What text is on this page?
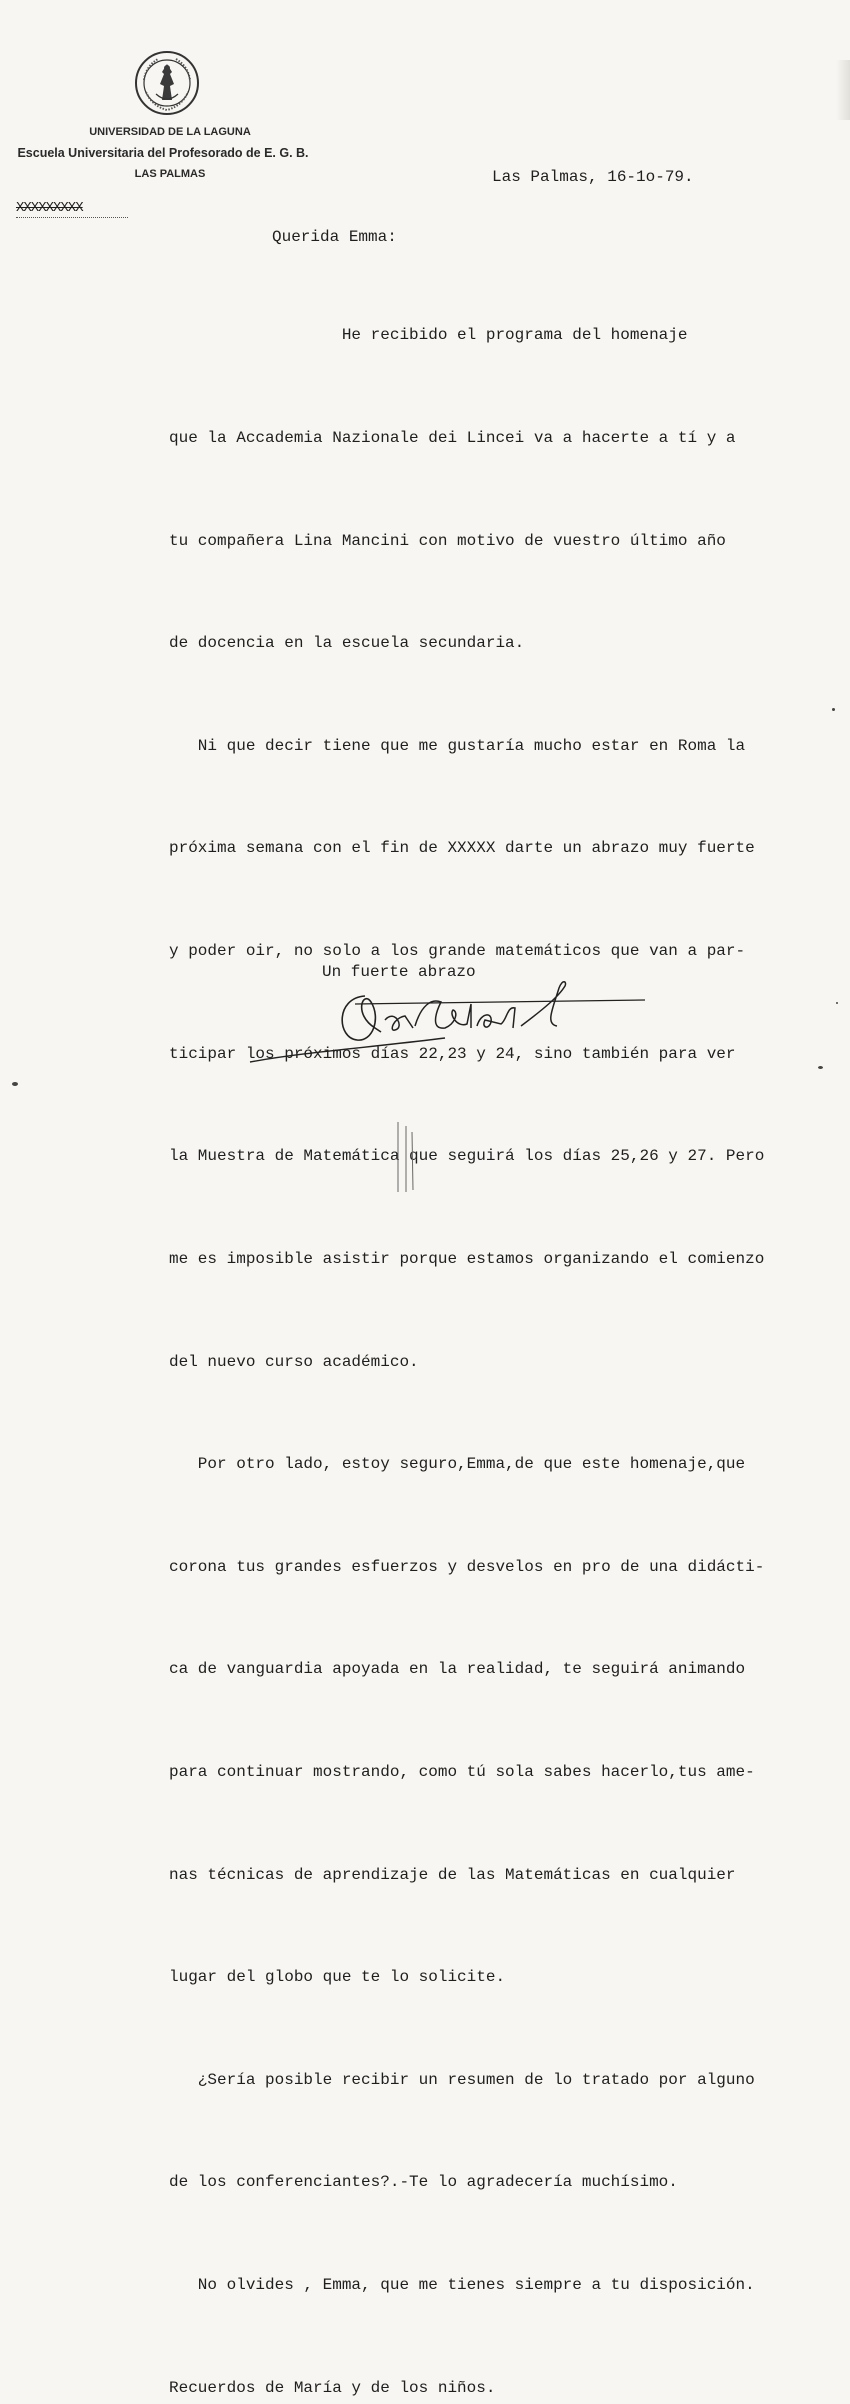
UNIVERSIDAD DE LA LAGUNA
Escuela Universitaria del Profesorado de E. G. B.
LAS PALMAS	Las Palmas, 16-1o-79.
XXXXXXXXX
Querida Emma:

He recibido el programa del homenaje

que la Accademia Nazionale dei Lincei va a hacerte a tí y a

tu compañera Lina Mancini con motivo de vuestro último año

de docencia en la escuela secundaria.

Ni que decir tiene que me gustaría mucho estar en Roma la

próxima semana con el fin de XXXXX darte un abrazo muy fuerte

y poder oir, no solo a los grande matemáticos que van a par-

ticipar los próximos días 22,23 y 24, sino también para ver

la Muestra de Matemática que seguirá los días 25,26 y 27. Pero

me es imposible asistir porque estamos organizando el comienzo

del nuevo curso académico.

Por otro lado, estoy seguro,Emma,de que este homenaje,que

corona tus grandes esfuerzos y desvelos en pro de una didácti-

ca de vanguardia apoyada en la realidad, te seguirá animando

para continuar mostrando, como tú sola sabes hacerlo,tus ame-

nas técnicas de aprendizaje de las Matemáticas en cualquier

lugar del globo que te lo solicite.

¿Sería posible recibir un resumen de lo tratado por alguno

de los conferenciantes?.-Te lo agradecería muchísimo.

No olvides , Emma, que me tienes siempre a tu disposición.

Recuerdos de María y de los niños.

Un fuerte abrazo
